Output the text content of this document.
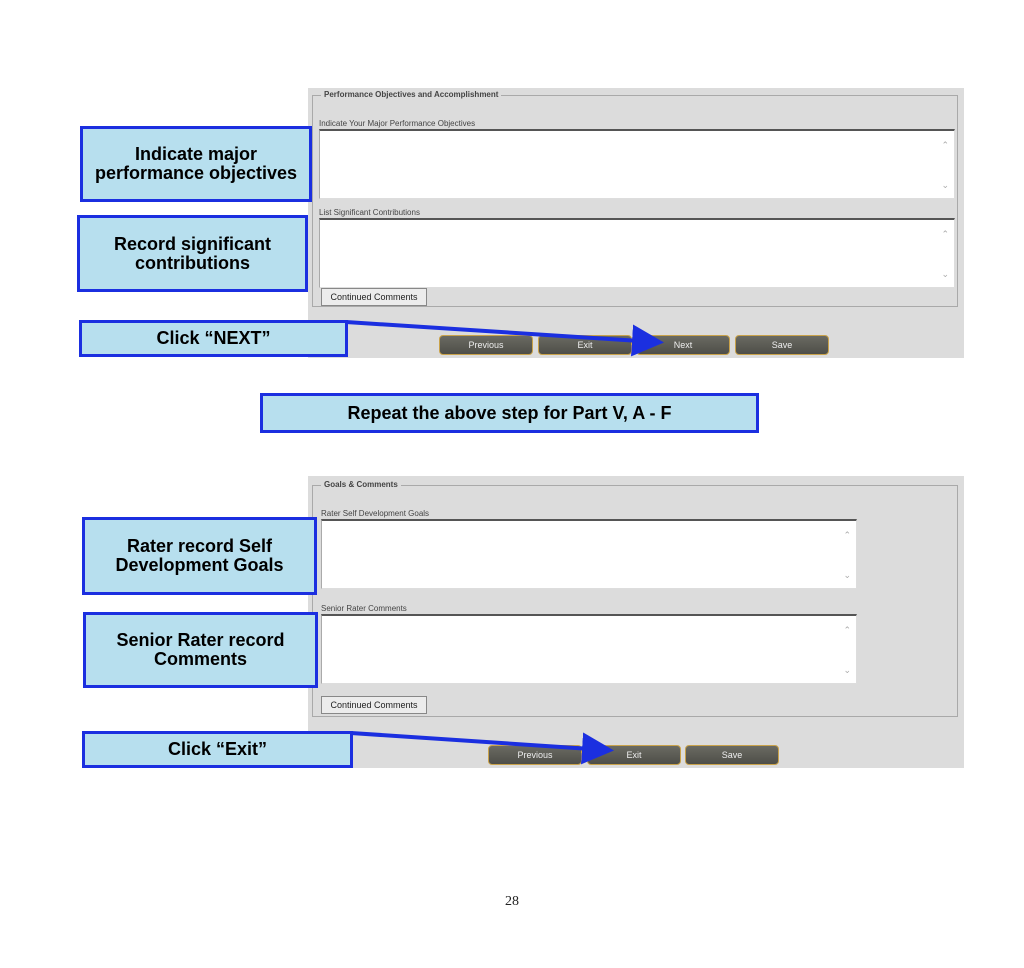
Performance Objectives and Accomplishment
Indicate Your Major Performance Objectives
⌃
⌄
List Significant Contributions
⌃
⌄
Continued Comments
Previous	Exit	Next	Save
Goals & Comments
Rater Self Development Goals
⌃
⌄
Senior Rater Comments
⌃
⌄
Continued Comments
Previous	Exit	Save
Indicate major performance objectives
Record significant contributions
Click “NEXT”
Repeat the above step for Part V, A - F
Rater record Self Development Goals
Senior Rater record Comments
Click “Exit”
28
